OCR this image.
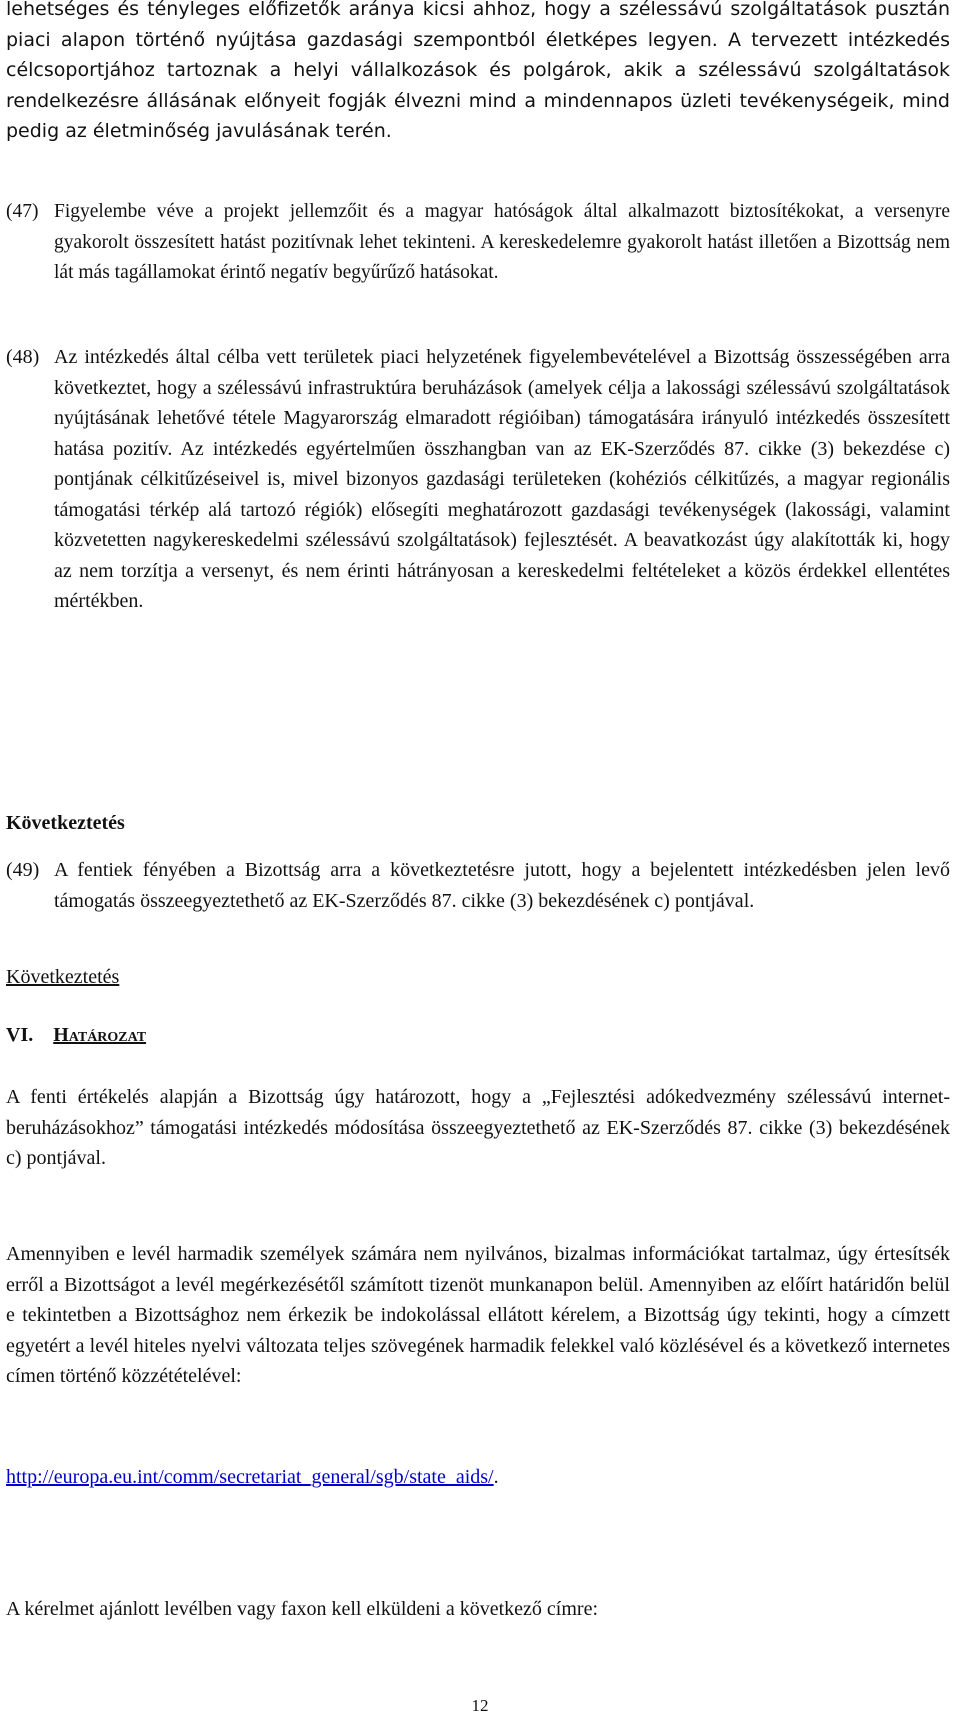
lehetséges és tényleges előfizetők aránya kicsi ahhoz, hogy a szélessávú szolgáltatások pusztán piaci alapon történő nyújtása gazdasági szempontból életképes legyen. A tervezett intézkedés célcsoportjához tartoznak a helyi vállalkozások és polgárok, akik a szélessávú szolgáltatások rendelkezésre állásának előnyeit fogják élvezni mind a mindennapos üzleti tevékenységeik, mind pedig az életminőség javulásának terén.
(47) Figyelembe véve a projekt jellemzőit és a magyar hatóságok által alkalmazott biztosítékokat, a versenyre gyakorolt összesített hatást pozitívnak lehet tekinteni. A kereskedelemre gyakorolt hatást illetően a Bizottság nem lát más tagállamokat érintő negatív begyűrűző hatásokat.
(48) Az intézkedés által célba vett területek piaci helyzetének figyelembevételével a Bizottság összességében arra következtet, hogy a szélessávú infrastruktúra beruházások (amelyek célja a lakossági szélessávú szolgáltatások nyújtásának lehetővé tétele Magyarország elmaradott régióiban) támogatására irányuló intézkedés összesített hatása pozitív. Az intézkedés egyértelműen összhangban van az EK-Szerződés 87. cikke (3) bekezdése c) pontjának célkitűzéseivel is, mivel bizonyos gazdasági területeken (kohéziós célkitűzés, a magyar regionális támogatási térkép alá tartozó régiók) elősegíti meghatározott gazdasági tevékenységek (lakossági, valamint közvetetten nagykereskedelmi szélessávú szolgáltatások) fejlesztését. A beavatkozást úgy alakították ki, hogy az nem torzítja a versenyt, és nem érinti hátrányosan a kereskedelmi feltételeket a közös érdekkel ellentétes mértékben.
Következtetés
(49) A fentiek fényében a Bizottság arra a következtetésre jutott, hogy a bejelentett intézkedésben jelen levő támogatás összeegyeztethető az EK-Szerződés 87. cikke (3) bekezdésének c) pontjával.
Következtetés
VI. Határozat
A fenti értékelés alapján a Bizottság úgy határozott, hogy a „Fejlesztési adókedvezmény szélessávú internet-beruházásokhoz” támogatási intézkedés módosítása összeegyeztethető az EK-Szerződés 87. cikke (3) bekezdésének c) pontjával.
Amennyiben e levél harmadik személyek számára nem nyilvános, bizalmas információkat tartalmaz, úgy értesítsék erről a Bizottságot a levél megérkezésétől számított tizenöt munkanapon belül. Amennyiben az előírt határidőn belül e tekintetben a Bizottsághoz nem érkezik be indokolással ellátott kérelem, a Bizottság úgy tekinti, hogy a címzett egyetért a levél hiteles nyelvi változata teljes szövegének harmadik felekkel való közlésével és a következő internetes címen történő közzétételével:
http://europa.eu.int/comm/secretariat_general/sgb/state_aids/.
A kérelmet ajánlott levélben vagy faxon kell elküldeni a következő címre:
12
